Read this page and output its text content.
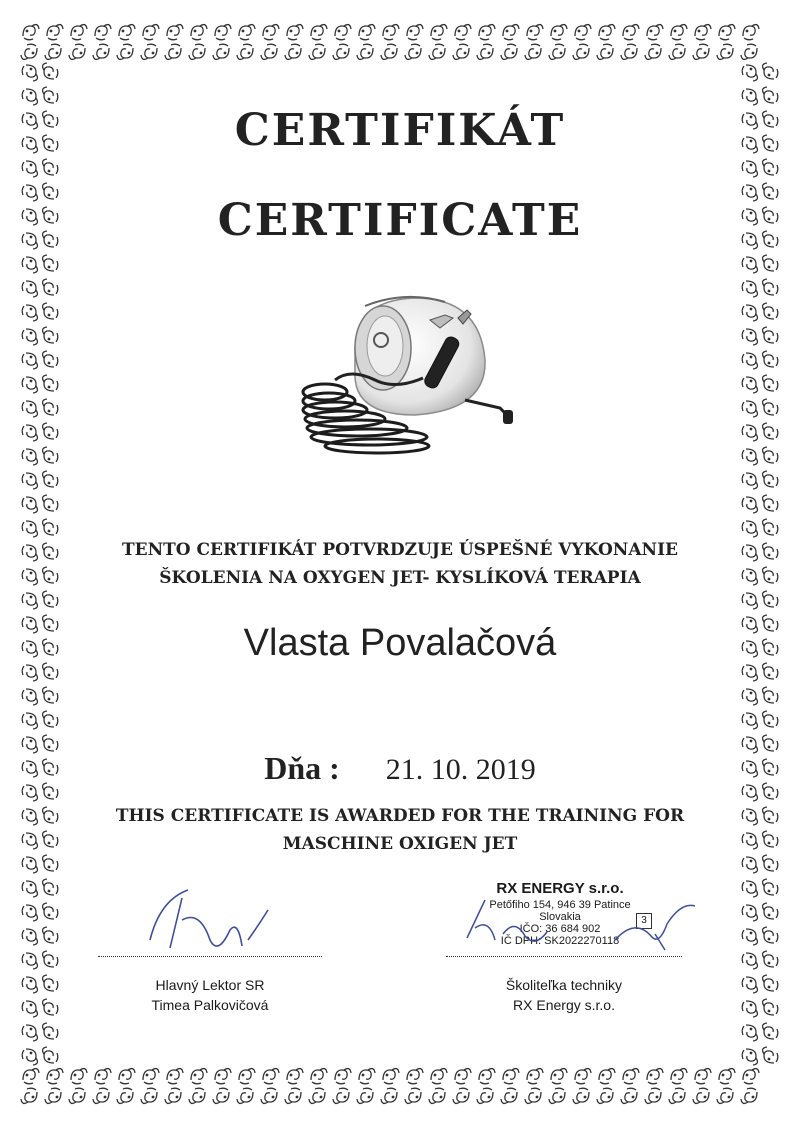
CERTIFIKÁT
CERTIFICATE
TENTO CERTIFIKÁT POTVRDZUJE ÚSPEŠNÉ VYKONANIE
ŠKOLENIA NA OXYGEN JET- KYSLÍKOVÁ TERAPIA
Vlasta Povalačová
Dňa : 21. 10. 2019
THIS CERTIFICATE IS AWARDED FOR THE TRAINING FOR
MASCHINE OXIGEN JET
Hlavný Lektor SR
Timea Palkovičová
RX ENERGY s.r.o.
Petőfiho 154, 946 39 Patince
Slovakia
IČO: 36 684 902
IČ DPH: SK2022270118
3
Školiteľka techniky
RX Energy s.r.o.
